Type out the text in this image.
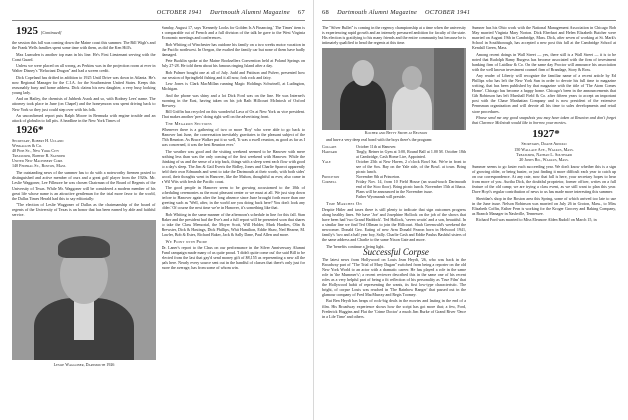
OCTOBER 1941 Dartmouth Alumni Magazine 67

1925 [Continued]

the session this fall was coming down the Maine coast this summer. The Bill Wigh's and the Frank Wells families spent some time with them, as did the Ken Hill's.

Max Lumsden is another top man in his line. He's First Lieutenant serving with the Coast Guard.

Unless we were placed on all wrong, as Perkins was in the projection room at ever in Walter Disney's "Reluctant Dragon" and had a screen credit.

Dick Copeland has drifted in addition to 1925 Until Drive was down in Atlanta. He's now Regional Manager for the C.I.A. for the Southeastern United States. Keeps this reasonably busy and home address. Dick claims his new daughter, a very busy looking young lady.

And on Hailey, the chemists of Jubberk Asrok and so, with Rodney Lees' name. The attorney took place in June (on Chapel) and the honeymoon was spent driving back to New York so they just could step over with his folk.

An unconfirmed report puts Ralph Moore in Bermuda with engine trouble and an attack of globulin to fall pits. A headline in the New York Times of

1926*

Secretary, Robert H. Ucland
Winkaguin & Co.
40 Pine St., New York City
Treasurer, Robert R. Saunder
United New Machinery Corp.
140 Federal St., Boston, Mass.

The outstanding news of the summer has to do with a noteworthy firemen posted to distinguished and active member of ours and a great golf player from the 1920s. Mr. Leslie Waggoner, Lee Fillmore he was chosen Chairman of the Board of Regents of the University of Texas. While Mr. Waggoner will be considered a modern member of his great life whose name is an attractive gentleman for the trial more favor to the world, the Dallas Times Herald had this to say editorially:

"The election of Leslie Waggoner of Dallas as the chairmanship of the board of regents of the University of Texas is an honor that has been earned by able and faithful service.

Sunday, August 17, says 'Kennedy Looks for Golden Is A Financing.' The Times' item is a comparable cut of French and a full division of the talk he gave to the West Virginia Economic meetings and conferences.

Bob Whiting of Winchester has outdone his family on a two weeks motor vacation in the Pacific northwest. In Oregon, the exalted the family car but none of them have badly damaged.

Pete Bucklin spoke at the Maine Booksellers Convention held at Poland Springs on July 27-28. He told them about his famous ringing Island after a day.

Bob Palmer bought one at all of July. Judd and Pattison and Pulver, presented how our session of Springfield fishing and it all now, fork rock and fairy.

Lew Jones is Clark MacMillan running Magic Holdings Schwinell, at Ludington, Michigan.

And the phone was shiny and a lot Dick Ford was on the line. He was Internet's morning in the East, having taken on his job Raih Hillcourt McIntosh of Oxford Brewery.

Bill Griffin has recycled on this wonderful Lava of Oz at New York as vice president. That makes another 'pres' doing right well on the advertising front.

The Megaron Sections

Whenever there is a gathering of two or more 'Roy' who were able to go back to Hanover last June, the conversation inevitably gravitates to the pleasant subject of the 75th Reunion. As Bruce Walker put it so well, 'It was a swell reunion, as good as far as I was concerned, it was the best Reunion ever.'

The weather was good and the visiting weekend seemed to be Hanover with mere nothing less than was the only coming of the first weekend with Hanover. While the thinking of us and the sense of a trip back, things with a sleep went each flow with good to a day's sleep. The Jim & Gail Everts the Ridley, Jones and Charlie Sparrot apparently held their own Edmunds and went to take the Dartmouth at their worth, with both sides' wood, their thoughts went in Hanover, like the Mahon, thoughtful as ever, also came in a Wil Wits with fresh the Pacific coast.

The good people in Hanover seem to be growing accustomed to the 10th of scheduling ceremonies as the most pleasant center or we must at all. We just stop down before to Hanover again after the long absence since June brought forth more than one greeting such as 'Well, after, in the world are you doing back here? You don't look any older.' Of course the next time we're in Hanover, it's something like that.

Bob Whiting in the same manner of the afternoon's schedule in line for this fall. Stan Baker and the president had the Eve's and a full report will be presented soon that shares to take the Class Memorial, the Moyer Scott, Will Holder, Mark Hardies, Olin & Brewster, Dick & Hastings, Dick Phillips, Whit Hamilton, Eddie Shaw, Ned Hearne, M. Lawler, Bob & Estes, Richard Baker, Jack & Sally Dane, Paul Allen and more.

We Point with Pride

Dr. Laner's report to the Class on our performance in the Silver Anniversary Alumni Fund campaign made many of us quite proud. 'I didn't quite come out' the said Bill to be elected from the last that gay'd send money gift of $8,155 as representing a new all the pals here. Nearly every source sent out in the handful of classes that there's only just for more the average, has from some of whom win.

Leslie Waggoner, Dartmouth 1926

68 Dartmouth Alumni Magazine OCTOBER 1941

The "Silver Bullet" is coming in the regency championship at a time when the university is experiencing rapid growth and an intensely pressured ambition for faculty of the state. His election is gratifying to his many friends and the entire community but because he is intimately qualified to head the regents at this time.

Kocher and Betty Smith at Reunion

and have a very deep real bond with the boys there's the program:

Colgate	October 11th at Hanover.
Harvard	Tingly, Reiner in Gym at 3:00, Round Ball at 1.00 M. October 18th at Cambridge, Cash Home Lire, Appointed.
Yale	October 25th at New Haven, 2 o'clock Bowl Sat. We're in front to see of the Sox. Bay on the Yale side, of the Bowl. at town. Bring picnic lunch.
Princeton	November 8th at Princeton.
Cornell	Friday Nov. 14, from 10 Field House (an usual-touch Dartmouth end of the Stoo floor). Bring picnic lunch. November 15th at Ithaca. Plans will be announced in the November issue.
	Father Wyomansh will preside.

Time Marches On

Despite Hitler and taxes there is still plenty to indicate that sign outcomes progress along healthy lines. We have 'Joe' and Josephine Hollock on the job of the shows that have been had 'two Grand Haddock'. Ted Hollock, 'seven wraits' and a son, beautiful. In a similar line we find Ted Ollman to join the Hillcourt. Shah Greenwald's weekend the newcomer. Donald Geo. Eating of new Arm Donald Fearon born in Helwood 1941, family's 'two and a half year boy, Sally. Charlie Cash and Eddie Paulus Bashful sisters of the same address and Charlie to the same Nixon Gate and more.

The 'benefits continue a living light.

Successful Corpse

The latest news from Hollywood on Louis Jean Heydt, '26, who was back in the Broadway part of "The Trial of Mary Dugan" switched from being a reporter on the old New York World to an actor with a dramatic career. He has played a role in the same role in 'the Mummer's'; a recent reviewer described this in the same one of his recent roles as a very helpful part of being a fit reflection of his personality as 'True Film' that the Hollywood habit of representing the wants, its first low-type characteristic. The bright, of corpse Louis was reached in 'The Rainbow Ranger' that passed out in the glamour company of Fred MacMurray and Regis Toomey.

But Ben Heydt has heaps of rock-big deals in the movies and lasting in the end of a film. His Broadway experience shows how the script has got more that; a few, Ford, Frederick Huggins and Flat the 'Crime Doctor' a much Jim Burke of Grand River 'Once in a Life Time' and others.

Sumner has his Ohio work with the National Management Association in Chicago Bob May married Virginia Mary Norton. Dick Eberhart and Helen Elizabeth Butcher were married on August 19th in Cambridge, Mass. Dick, after seven of working at St. Mark's School in Southborough, has accepted a new post this fall at the Cambridge School at Kendall Green, Mass.

Among recent doings in Wall Street — yes, there still is a Wall Street — it is to be noted that Rudolph Ramy Burgess has become associated with the firm of investment banking firm of Laidlaw & Co. On the same day Proctor will announce his association with the well known investment counsel firm of Brandage, Story & Ross.

Any reader of Liberty will recognize the familiar name of a recent article by Ed Phillips who has left the New York Sun in order to devote his full time to magazine writing, that has been published by that magazine with the title of 'The Atom Comes Home'. Chicago has become a happy home. Chicago's been in the announcements that Gib Robinson has left Marshall Field & Co. after fifteen years to accept an important post with the Chase Manhattan Company and is now president of the extensive Pennsman organization and will devote all his time to sales developments and retail store procedures.

Please send me any good snapshots you may have taken at Reunion and don't forget that Clarence McIntosh would like to borrow your movies.

1927*

Secretary, Doane Arnold
150 Wallace Ave., Walkus, Mass.
Treasurer, Nathan L. Southard
20 Jones Rd., Walkus, Mass.

Summer seems to go faster each succeeding year. We don't know whether this is a sign of growing older, or being busier, or just finding it more difficult each year to catch up on our correspondence. At any rate, now that fall is here, your secretary hopes to hear from more of you. Aurtha Dick, the doubtful proprietor, former officer, writes on a full feature of the old camp; we are trying a class event, as we still want to plan this year. Dave Hoyt's regular contribution of news to us has made more interesting this summer.

Sheridan's shop in the Boston area this Spring, some of which arrived too late to use in the June issue. Nelson Robinson was married on July 26 in Groton, Mass., to Miss Elizabeth Coffin, Esther Fern is working for the Kroger Grocery and Baking Company, as Branch Manager in Nashville, Tennessee.

Richard Ford was married to Miss Eleanore Alden Rudolf on March 15, in
